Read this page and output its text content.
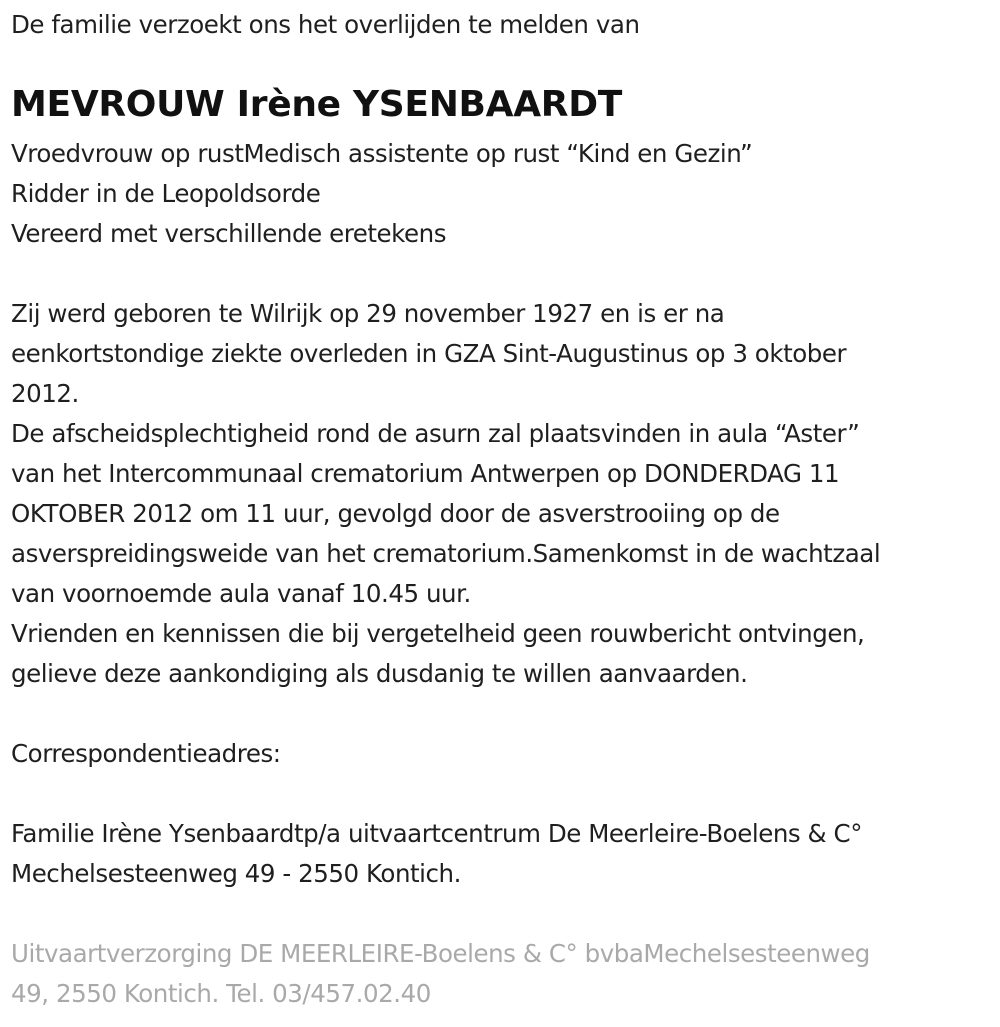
De familie verzoekt ons het overlijden te melden van
MEVROUW Irène YSENBAARDT
Vroedvrouw op rustMedisch assistente op rust “Kind en Gezin”
Ridder in de Leopoldsorde
Vereerd met verschillende eretekens
Zij werd geboren te Wilrijk op 29 november 1927 en is er na
eenkortstondige ziekte overleden in GZA Sint-Augustinus op 3 oktober
2012.
De afscheidsplechtigheid rond de asurn zal plaatsvinden in aula “Aster”
van het Intercommunaal crematorium Antwerpen op DONDERDAG 11
OKTOBER 2012 om 11 uur, gevolgd door de asverstrooiing op de
asverspreidingsweide van het crematorium.Samenkomst in de wachtzaal
van voornoemde aula vanaf 10.45 uur.
Vrienden en kennissen die bij vergetelheid geen rouwbericht ontvingen,
gelieve deze aankondiging als dusdanig te willen aanvaarden.
Correspondentieadres:
Familie Irène Ysenbaardtp/a uitvaartcentrum De Meerleire-Boelens & C°
Mechelsesteenweg 49 - 2550 Kontich.
Uitvaartverzorging DE MEERLEIRE-Boelens & C° bvbaMechelsesteenweg
49, 2550 Kontich. Tel. 03/457.02.40
